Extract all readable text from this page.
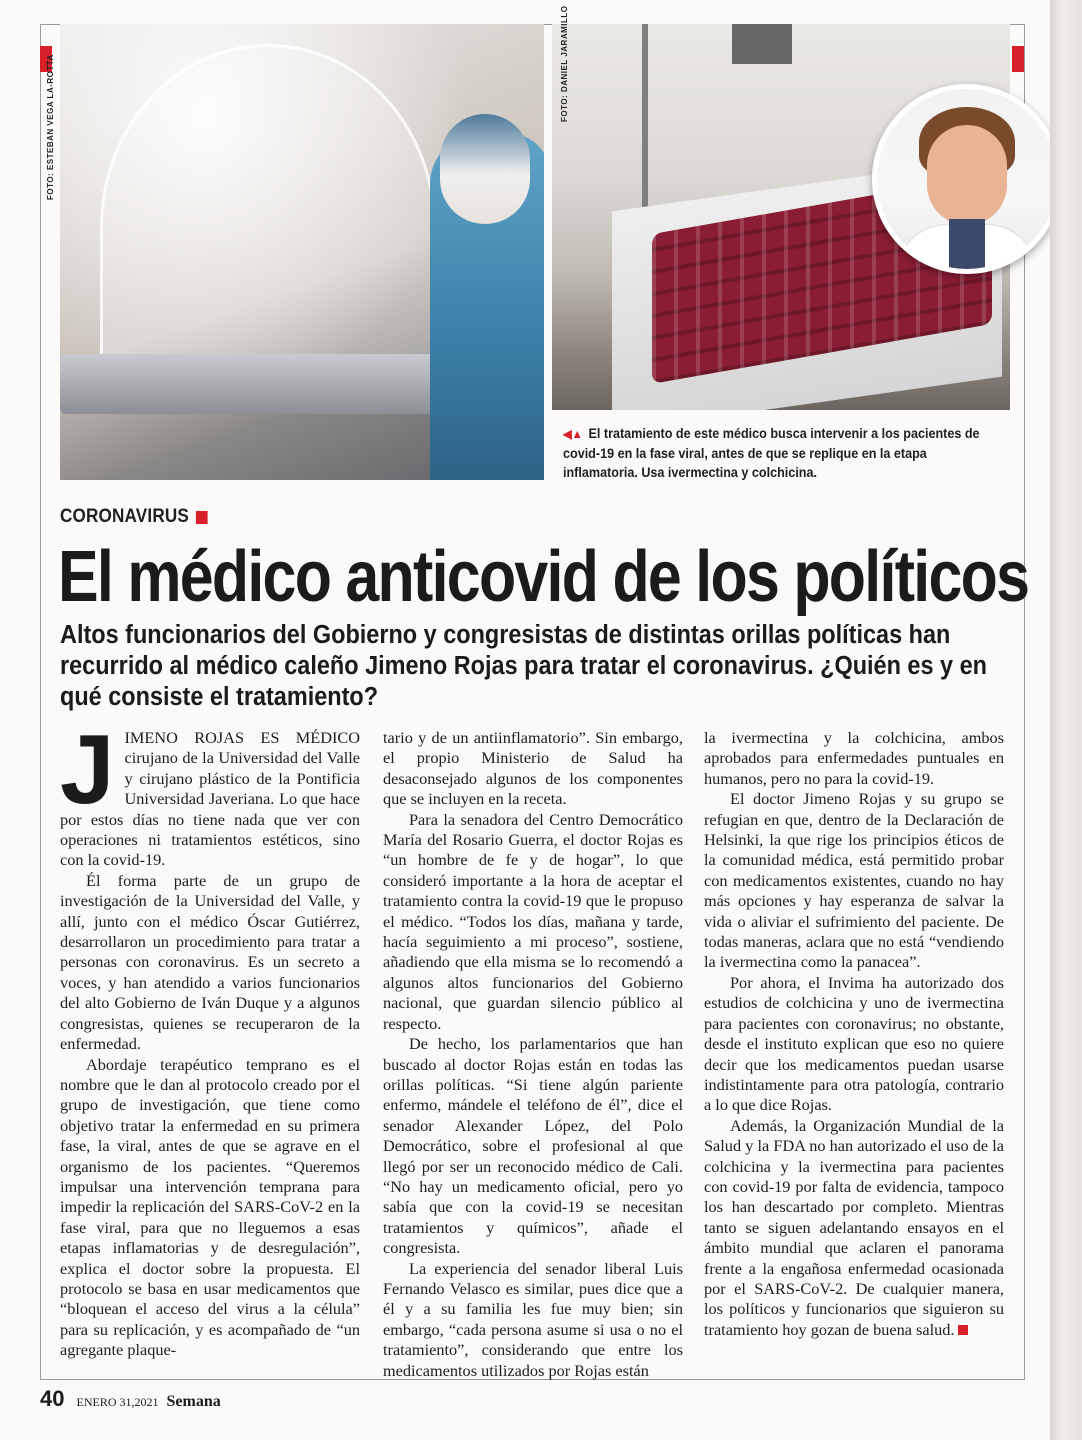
FOTO: ESTEBAN VEGA LA-ROTTA	FOTO: DANIEL JARAMILLO
◀▲ El tratamiento de este médico busca intervenir a los pacientes de covid-19 en la fase viral, antes de que se replique en la etapa inflamatoria. Usa ivermectina y colchicina.
CORONAVIRUS
El médico anticovid de los políticos
Altos funcionarios del Gobierno y congresistas de distintas orillas políticas han recurrido al médico caleño Jimeno Rojas para tratar el coronavirus. ¿Quién es y en qué consiste el tratamiento?

JIMENO ROJAS ES MÉDICO cirujano de la Universidad del Valle y cirujano plástico de la Pontificia Universidad Javeriana. Lo que hace por estos días no tiene nada que ver con operaciones ni tratamientos estéticos, sino con la covid-19.

Él forma parte de un grupo de investigación de la Universidad del Valle, y allí, junto con el médico Óscar Gutiérrez, desarrollaron un procedimiento para tratar a personas con coronavirus. Es un secreto a voces, y han atendido a varios funcionarios del alto Gobierno de Iván Duque y a algunos congresistas, quienes se recuperaron de la enfermedad.

Abordaje terapéutico temprano es el nombre que le dan al protocolo creado por el grupo de investigación, que tiene como objetivo tratar la enfermedad en su primera fase, la viral, antes de que se agrave en el organismo de los pacientes. “Queremos impulsar una intervención temprana para impedir la replicación del SARS-CoV-2 en la fase viral, para que no lleguemos a esas etapas inflamatorias y de desregulación”, explica el doctor sobre la propuesta. El protocolo se basa en usar medicamentos que “bloquean el acceso del virus a la célula” para su replicación, y es acompañado de “un agregante plaque-

tario y de un antiinflamatorio”. Sin embargo, el propio Ministerio de Salud ha desaconsejado algunos de los componentes que se incluyen en la receta.

Para la senadora del Centro Democrático María del Rosario Guerra, el doctor Rojas es “un hombre de fe y de hogar”, lo que consideró importante a la hora de aceptar el tratamiento contra la covid-19 que le propuso el médico. “Todos los días, mañana y tarde, hacía seguimiento a mi proceso”, sostiene, añadiendo que ella misma se lo recomendó a algunos altos funcionarios del Gobierno nacional, que guardan silencio público al respecto.

De hecho, los parlamentarios que han buscado al doctor Rojas están en todas las orillas políticas. “Si tiene algún pariente enfermo, mándele el teléfono de él”, dice el senador Alexander López, del Polo Democrático, sobre el profesional al que llegó por ser un reconocido médico de Cali. “No hay un medicamento oficial, pero yo sabía que con la covid-19 se necesitan tratamientos y químicos”, añade el congresista.

La experiencia del senador liberal Luis Fernando Velasco es similar, pues dice que a él y a su familia les fue muy bien; sin embargo, “cada persona asume si usa o no el tratamiento”, considerando que entre los medicamentos utilizados por Rojas están

la ivermectina y la colchicina, ambos aprobados para enfermedades puntuales en humanos, pero no para la covid-19.

El doctor Jimeno Rojas y su grupo se refugian en que, dentro de la Declaración de Helsinki, la que rige los principios éticos de la comunidad médica, está permitido probar con medicamentos existentes, cuando no hay más opciones y hay esperanza de salvar la vida o aliviar el sufrimiento del paciente. De todas maneras, aclara que no está “vendiendo la ivermectina como la panacea”.

Por ahora, el Invima ha autorizado dos estudios de colchicina y uno de ivermectina para pacientes con coronavirus; no obstante, desde el instituto explican que eso no quiere decir que los medicamentos puedan usarse indistintamente para otra patología, contrario a lo que dice Rojas.

Además, la Organización Mundial de la Salud y la FDA no han autorizado el uso de la colchicina y la ivermectina para pacientes con covid-19 por falta de evidencia, tampoco los han descartado por completo. Mientras tanto se siguen adelantando ensayos en el ámbito mundial que aclaren el panorama frente a la engañosa enfermedad ocasionada por el SARS-CoV-2. De cualquier manera, los políticos y funcionarios que siguieron su tratamiento hoy gozan de buena salud.

40 ENERO 31,2021 Semana
